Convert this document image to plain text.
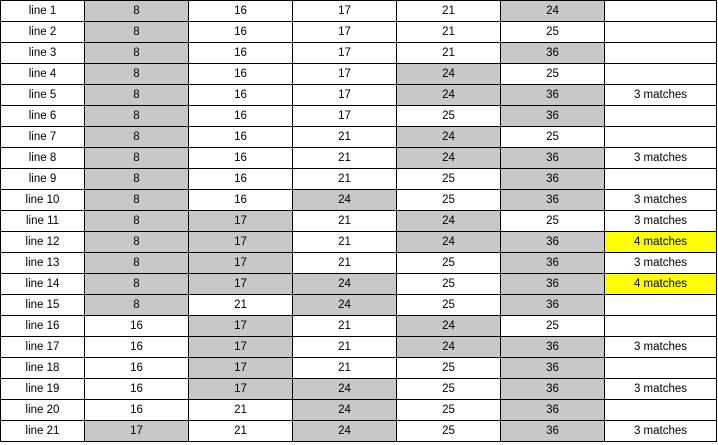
line 1	8	16	17	21	24	
line 2	8	16	17	21	25	
line 3	8	16	17	21	36	
line 4	8	16	17	24	25	
line 5	8	16	17	24	36	3 matches
line 6	8	16	17	25	36	
line 7	8	16	21	24	25	
line 8	8	16	21	24	36	3 matches
line 9	8	16	21	25	36	
line 10	8	16	24	25	36	3 matches
line 11	8	17	21	24	25	3 matches
line 12	8	17	21	24	36	4 matches
line 13	8	17	21	25	36	3 matches
line 14	8	17	24	25	36	4 matches
line 15	8	21	24	25	36	
line 16	16	17	21	24	25	
line 17	16	17	21	24	36	3 matches
line 18	16	17	21	25	36	
line 19	16	17	24	25	36	3 matches
line 20	16	21	24	25	36	
line 21	17	21	24	25	36	3 matches
